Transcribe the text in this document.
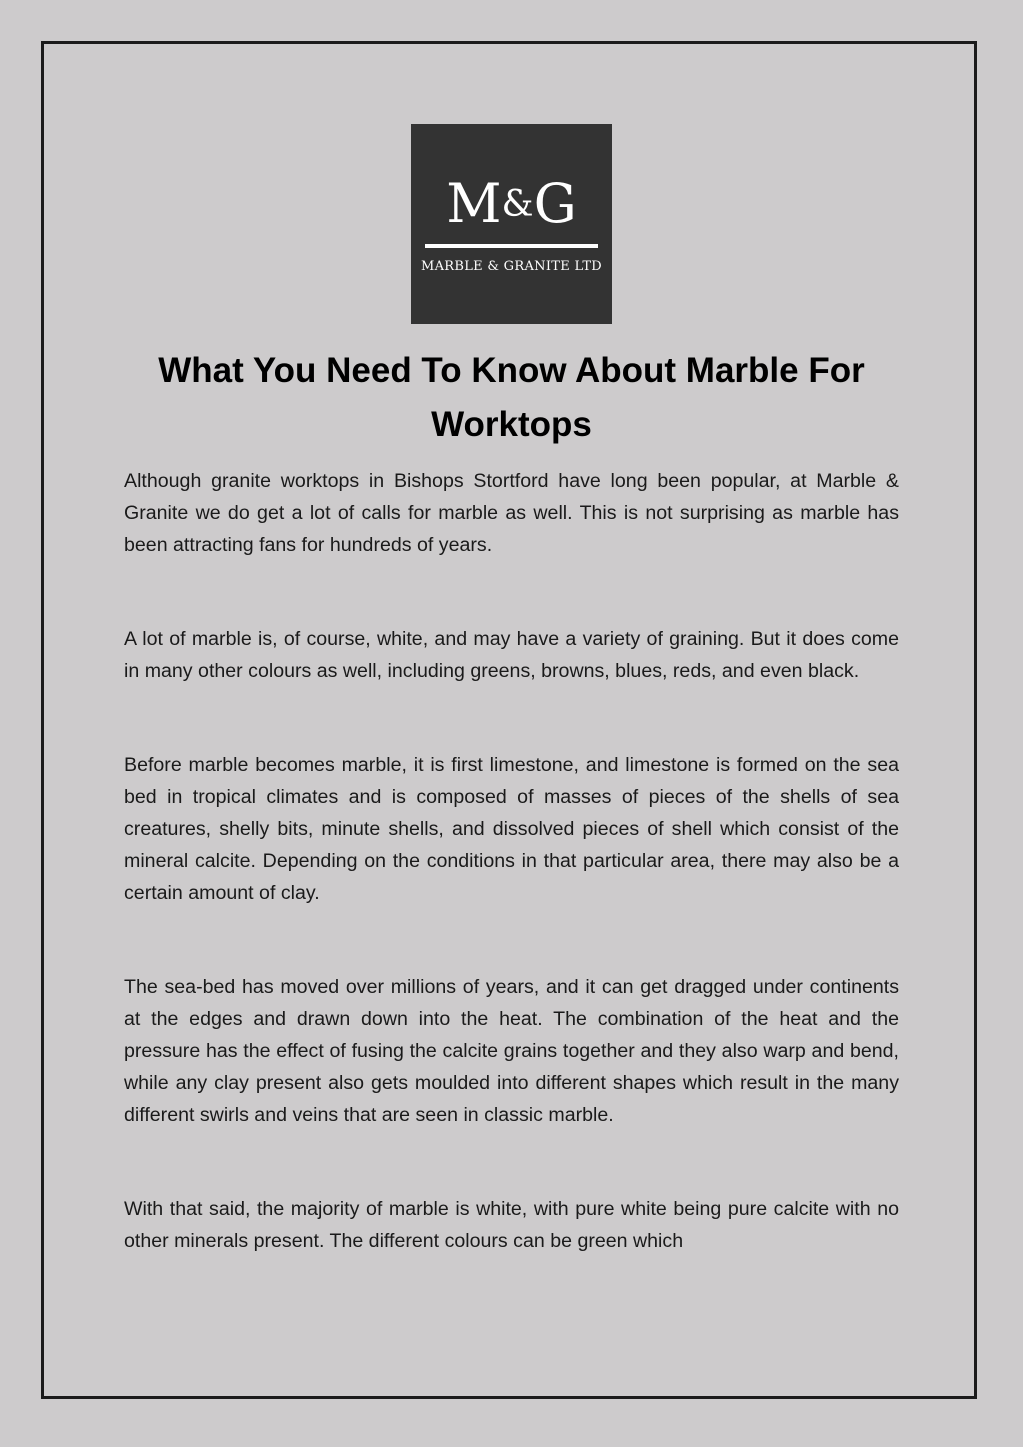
M&G
MARBLE & GRANITE LTD
What You Need To Know About Marble For Worktops

Although granite worktops in Bishops Stortford have long been popular, at Marble & Granite we do get a lot of calls for marble as well. This is not surprising as marble has been attracting fans for hundreds of years.

A lot of marble is, of course, white, and may have a variety of graining. But it does come in many other colours as well, including greens, browns, blues, reds, and even black.

Before marble becomes marble, it is first limestone, and limestone is formed on the sea bed in tropical climates and is composed of masses of pieces of the shells of sea creatures, shelly bits, minute shells, and dissolved pieces of shell which consist of the mineral calcite. Depending on the conditions in that particular area, there may also be a certain amount of clay.

The sea-bed has moved over millions of years, and it can get dragged under continents at the edges and drawn down into the heat. The combination of the heat and the pressure has the effect of fusing the calcite grains together and they also warp and bend, while any clay present also gets moulded into different shapes which result in the many different swirls and veins that are seen in classic marble.

With that said, the majority of marble is white, with pure white being pure calcite with no other minerals present. The different colours can be green which
